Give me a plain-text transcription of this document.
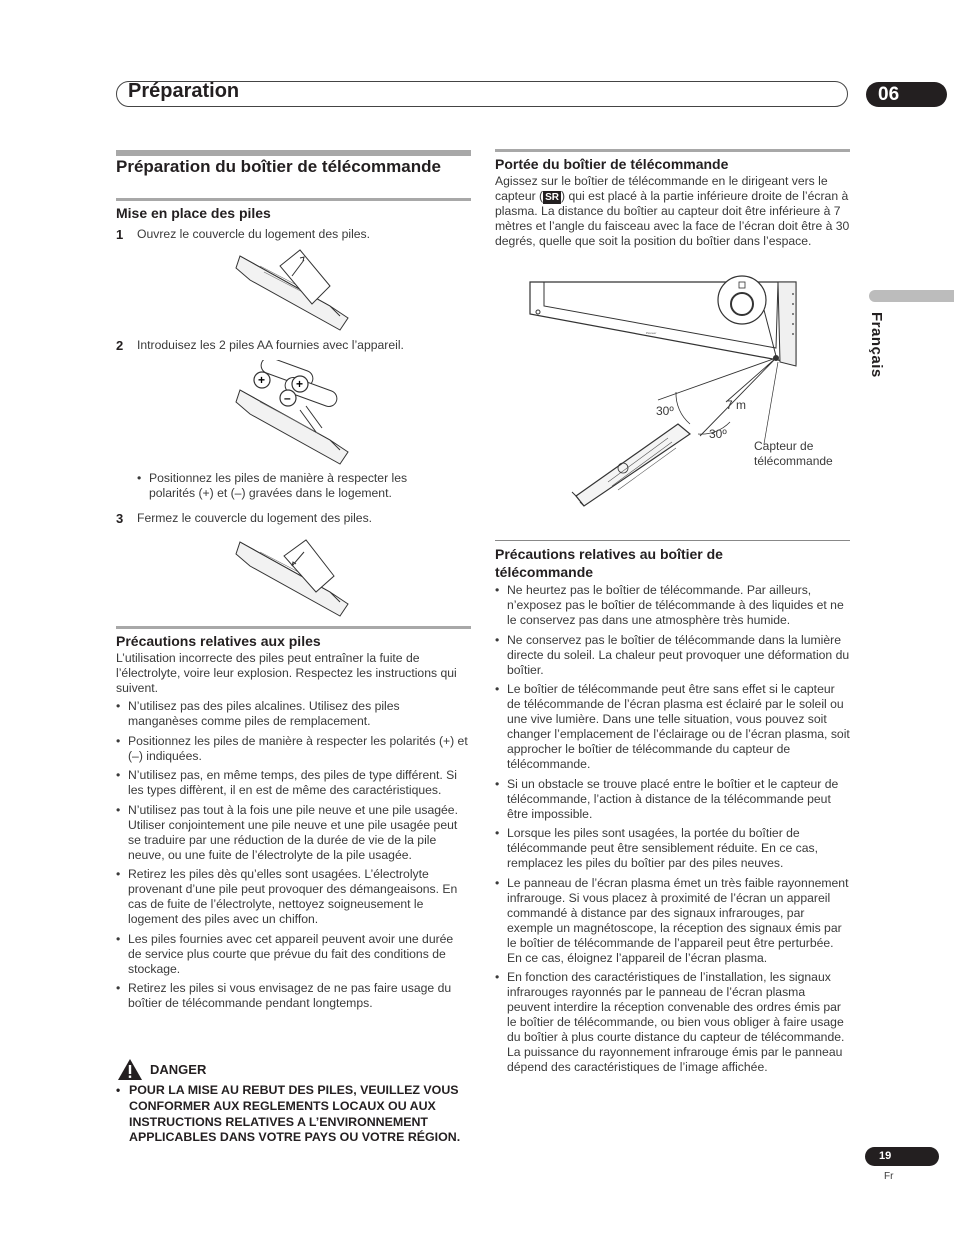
Préparation	06
Français
Préparation du boîtier de télécommande
Mise en place des piles
1 Ouvrez le couvercle du logement des piles.
2 Introduisez les 2 piles AA fournies avec l’appareil.
+	+
–
• Positionnez les piles de manière à respecter les polarités (+) et (–) gravées dans le logement.
3 Fermez le couvercle du logement des piles.
Précautions relatives aux piles
L’utilisation incorrecte des piles peut entraîner la fuite de l’électrolyte, voire leur explosion. Respectez les instructions qui suivent.
• N’utilisez pas des piles alcalines. Utilisez des piles manganèses comme piles de remplacement.
• Positionnez les piles de manière à respecter les polarités (+) et (–) indiquées.
• N’utilisez pas, en même temps, des piles de type différent. Si les types diffèrent, il en est de même des caractéristiques.
• N’utilisez pas tout à la fois une pile neuve et une pile usagée. Utiliser conjointement une pile neuve et une pile usagée peut se traduire par une réduction de la durée de vie de la pile neuve, ou une fuite de l’électrolyte de la pile usagée.
• Retirez les piles dès qu’elles sont usagées. L’électrolyte provenant d’une pile peut provoquer des démangeaisons. En cas de fuite de l’électrolyte, nettoyez soigneusement le logement des piles avec un chiffon.
• Les piles fournies avec cet appareil peuvent avoir une durée de service plus courte que prévue du fait des conditions de stockage.
• Retirez les piles si vous envisagez de ne pas faire usage du boîtier de télécommande pendant longtemps.
DANGER
• POUR LA MISE AU REBUT DES PILES, VEUILLEZ VOUS CONFORMER AUX REGLEMENTS LOCAUX OU AUX INSTRUCTIONS RELATIVES A L’ENVIRONNEMENT APPLICABLES DANS VOTRE PAYS OU VOTRE RÉGION.
Portée du boîtier de télécommande
Agissez sur le boîtier de télécommande en le dirigeant vers le capteur ( SR ) qui est placé à la partie inférieure droite de l’écran à plasma. La distance du boîtier au capteur doit être inférieure à 7 mètres et l’angle du faisceau avec la face de l’écran doit être à 30 degrés, quelle que soit la position du boîtier dans l’espace.
Pioneer
30º	7 m
30º
Capteur de
télécommande
Précautions relatives au boîtier de télécommande
• Ne heurtez pas le boîtier de télécommande. Par ailleurs, n’exposez pas le boîtier de télécommande à des liquides et ne le conservez pas dans une atmosphère très humide.
• Ne conservez pas le boîtier de télécommande dans la lumière directe du soleil. La chaleur peut provoquer une déformation du boîtier.
• Le boîtier de télécommande peut être sans effet si le capteur de télécommande de l’écran plasma est éclairé par le soleil ou une vive lumière. Dans une telle situation, vous pouvez soit changer l’emplacement de l’éclairage ou de l’écran plasma, soit approcher le boîtier de télécommande du capteur de télécommande.
• Si un obstacle se trouve placé entre le boîtier et le capteur de télécommande, l’action à distance de la télécommande peut être impossible.
• Lorsque les piles sont usagées, la portée du boîtier de télécommande peut être sensiblement réduite. En ce cas, remplacez les piles du boîtier par des piles neuves.
• Le panneau de l’écran plasma émet un très faible rayonnement infrarouge. Si vous placez à proximité de l’écran un appareil commandé à distance par des signaux infrarouges, par exemple un magnétoscope, la réception des signaux émis par le boîtier de télécommande de l’appareil peut être perturbée. En ce cas, éloignez l’appareil de l’écran plasma.
• En fonction des caractéristiques de l’installation, les signaux infrarouges rayonnés par le panneau de l’écran plasma peuvent interdire la réception convenable des ordres émis par le boîtier de télécommande, ou bien vous obliger à faire usage du boîtier à plus courte distance du capteur de télécommande. La puissance du rayonnement infrarouge émis par le panneau dépend des caractéristiques de l’image affichée.
19
Fr
